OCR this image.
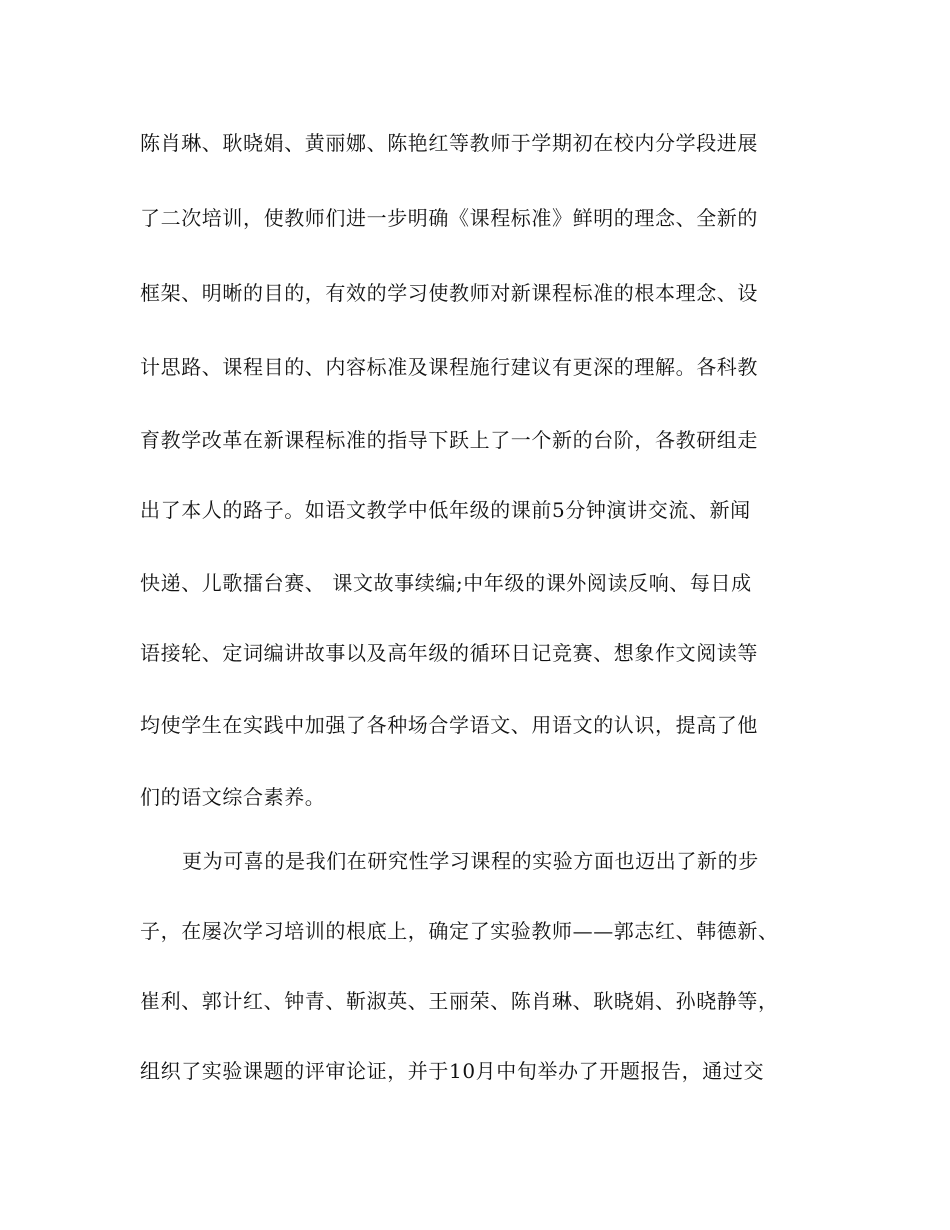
陈肖琳、耿晓娟、黄丽娜、陈艳红等教师于学期初在校内分学段进展
了二次培训，使教师们进一步明确《课程标准》鲜明的理念、全新的
框架、明晰的目的，有效的学习使教师对新课程标准的根本理念、设
计思路、课程目的、内容标准及课程施行建议有更深的理解。各科教
育教学改革在新课程标准的指导下跃上了一个新的台阶，各教研组走
出了本人的路子。如语文教学中低年级的课前5分钟演讲交流、新闻
快递、儿歌擂台赛、 课文故事续编;中年级的课外阅读反响、每日成
语接轮、定词编讲故事以及高年级的循环日记竞赛、想象作文阅读等
均使学生在实践中加强了各种场合学语文、用语文的认识，提高了他
们的语文综合素养。
更为可喜的是我们在研究性学习课程的实验方面也迈出了新的步
子，在屡次学习培训的根底上，确定了实验教师——郭志红、韩德新、
崔利、郭计红、钟青、靳淑英、王丽荣、陈肖琳、耿晓娟、孙晓静等，
组织了实验课题的评审论证，并于10月中旬举办了开题报告，通过交
